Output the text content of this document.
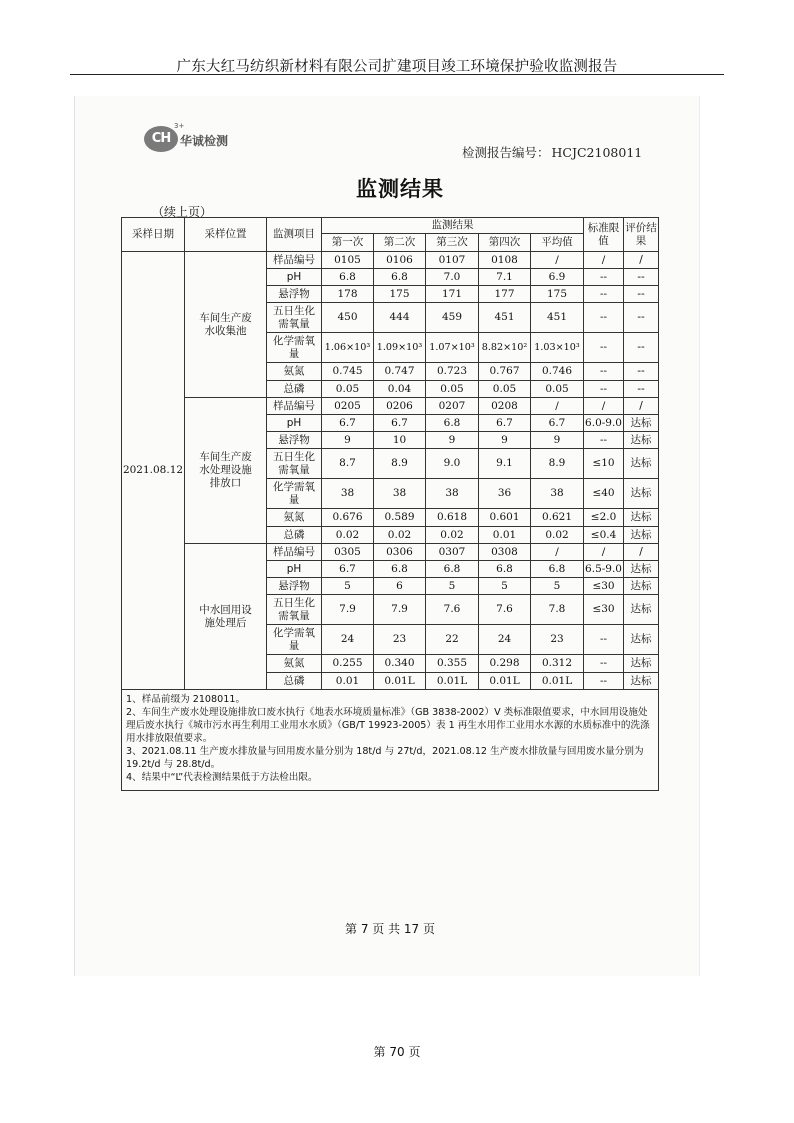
广东大红马纺织新材料有限公司扩建项目竣工环境保护验收监测报告
CH
3+
华诚检测
检测报告编号： HCJC2108011
监测结果
（续上页）
采样日期	采样位置	监测项目	监测结果					标准限值	评价结果
			第一次	第二次	第三次	第四次	平均值		
2021.08.12	车间生产废水收集池	样品编号	0105	0106	0107	0108	/	/	/
		pH	6.8	6.8	7.0	7.1	6.9	--	--
		悬浮物	178	175	171	177	175	--	--
		五日生化需氧量	450	444	459	451	451	--	--
		化学需氧量	1.06×10³	1.09×10³	1.07×10³	8.82×10²	1.03×10³	--	--
		氨氮	0.745	0.747	0.723	0.767	0.746	--	--
		总磷	0.05	0.04	0.05	0.05	0.05	--	--
	车间生产废水处理设施排放口	样品编号	0205	0206	0207	0208	/	/	/
		pH	6.7	6.7	6.8	6.7	6.7	6.0-9.0	达标
		悬浮物	9	10	9	9	9	--	达标
		五日生化需氧量	8.7	8.9	9.0	9.1	8.9	≤10	达标
		化学需氧量	38	38	38	36	38	≤40	达标
		氨氮	0.676	0.589	0.618	0.601	0.621	≤2.0	达标
		总磷	0.02	0.02	0.02	0.01	0.02	≤0.4	达标
	中水回用设施处理后	样品编号	0305	0306	0307	0308	/	/	/
		pH	6.7	6.8	6.8	6.8	6.8	6.5-9.0	达标
		悬浮物	5	6	5	5	5	≤30	达标
		五日生化需氧量	7.9	7.9	7.6	7.6	7.8	≤30	达标
		化学需氧量	24	23	22	24	23	--	达标
		氨氮	0.255	0.340	0.355	0.298	0.312	--	达标
		总磷	0.01	0.01L	0.01L	0.01L	0.01L	--	达标

1、样品前缀为 2108011。
2、车间生产废水处理设施排放口废水执行《地表水环境质量标准》（GB 3838-2002）V 类标准限值要求，中水回用设施处理后废水执行《城市污水再生利用工业用水水质》（GB/T 19923-2005）表 1 再生水用作工业用水水源的水质标准中的洗涤用水排放限值要求。
3、2021.08.11 生产废水排放量与回用废水量分别为 18t/d 与 27t/d，2021.08.12 生产废水排放量与回用废水量分别为 19.2t/d 与 28.8t/d。
4、结果中“L”代表检测结果低于方法检出限。									
第 7 页 共 17 页
第 70 页
